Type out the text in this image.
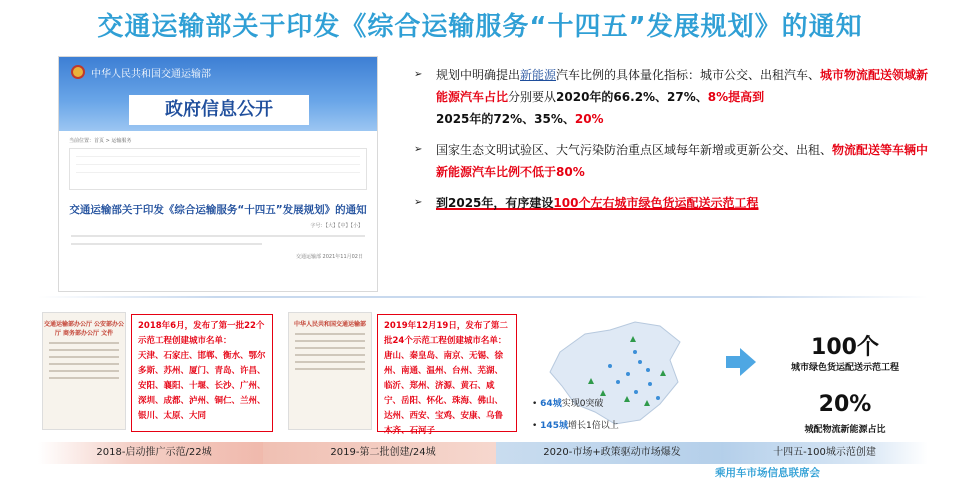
交通运输部关于印发《综合运输服务“十四五”发展规划》的通知
中华人民共和国交通运输部
政府信息公开
当前位置：首页 > 运输服务
交通运输部关于印发《综合运输服务“十四五”发展规划》的通知
字号：【大】【中】【小】
交通运输部 2021年11月02日
➢ 规划中明确提出新能源汽车比例的具体量化指标：城市公交、出租汽车、城市物流配送领域新能源汽车占比分别要从2020年的66.2%、27%、8%提高到
2025年的72%、35%、20%
➢ 国家生态文明试验区、大气污染防治重点区域每年新增或更新公交、出租、物流配送等车辆中新能源汽车比例不低于80%
➢ 到2025年，有序建设100个左右城市绿色货运配送示范工程
交通运输部办公厅 公安部办公厅 商务部办公厅 文件
2018年6月，发布了第一批22个示范工程创建城市名单：
天津、石家庄、邯郸、衡水、鄂尔多斯、苏州、厦门、青岛、许昌、安阳、襄阳、十堰、长沙、广州、深圳、成都、泸州、铜仁、兰州、银川、太原、大同
中华人民共和国交通运输部	2019年12月19日，发布了第二批24个示范工程创建城市名单：
唐山、秦皇岛、南京、无锡、徐州、南通、温州、台州、芜湖、临沂、郑州、济源、黄石、咸宁、岳阳、怀化、珠海、佛山、达州、西安、宝鸡、安康、乌鲁木齐、石河子
• 64城实现0突破
• 145城增长1倍以上
100个
城市绿色货运配送示范工程
20%
城配物流新能源占比
2018-启动推广示范/22城	2019-第二批创建/24城	2020-市场+政策驱动市场爆发	十四五-100城示范创建
乘用车市场信息联席会
